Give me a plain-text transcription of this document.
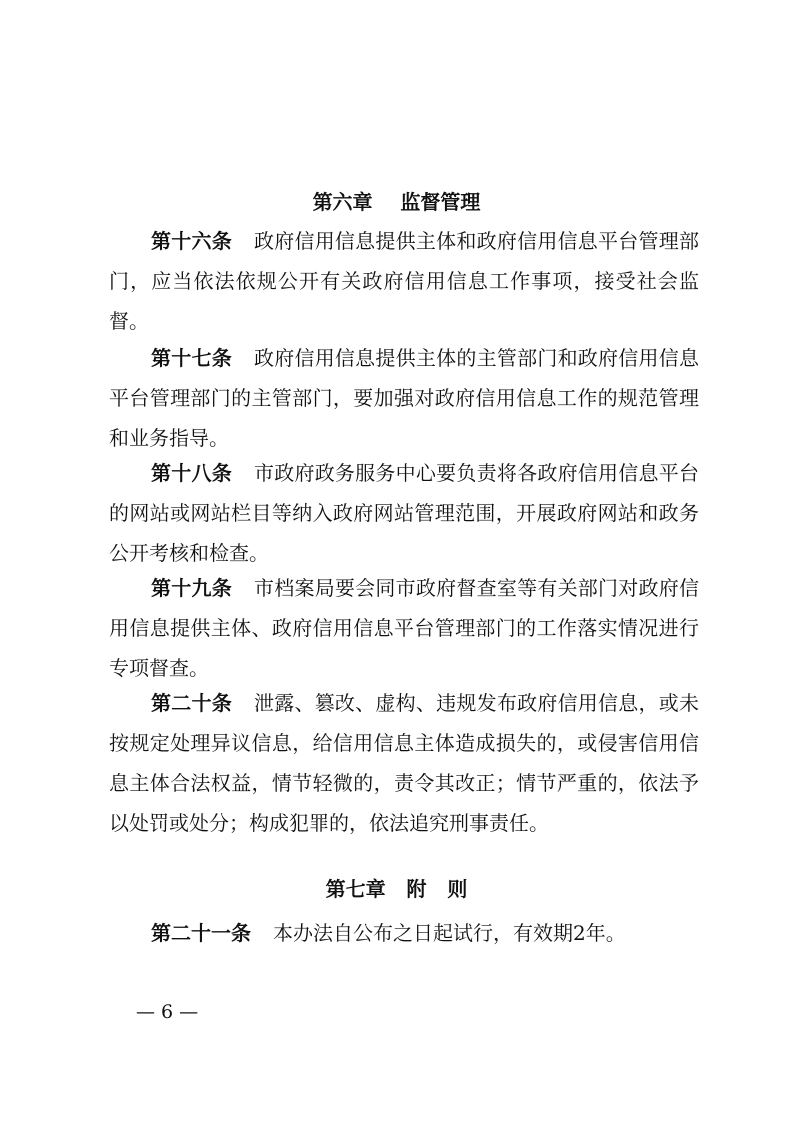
第六章    监督管理

第十六条 政府信用信息提供主体和政府信用信息平台管理部门，应当依法依规公开有关政府信用信息工作事项，接受社会监督。

第十七条 政府信用信息提供主体的主管部门和政府信用信息平台管理部门的主管部门，要加强对政府信用信息工作的规范管理和业务指导。

第十八条 市政府政务服务中心要负责将各政府信用信息平台的网站或网站栏目等纳入政府网站管理范围，开展政府网站和政务公开考核和检查。

第十九条 市档案局要会同市政府督查室等有关部门对政府信用信息提供主体、政府信用信息平台管理部门的工作落实情况进行专项督查。

第二十条 泄露、篡改、虚构、违规发布政府信用信息，或未按规定处理异议信息，给信用信息主体造成损失的，或侵害信用信息主体合法权益，情节轻微的，责令其改正；情节严重的，依法予以处罚或处分；构成犯罪的，依法追究刑事责任。

第七章   附   则

第二十一条 本办法自公布之日起试行，有效期2年。

— 6 —
